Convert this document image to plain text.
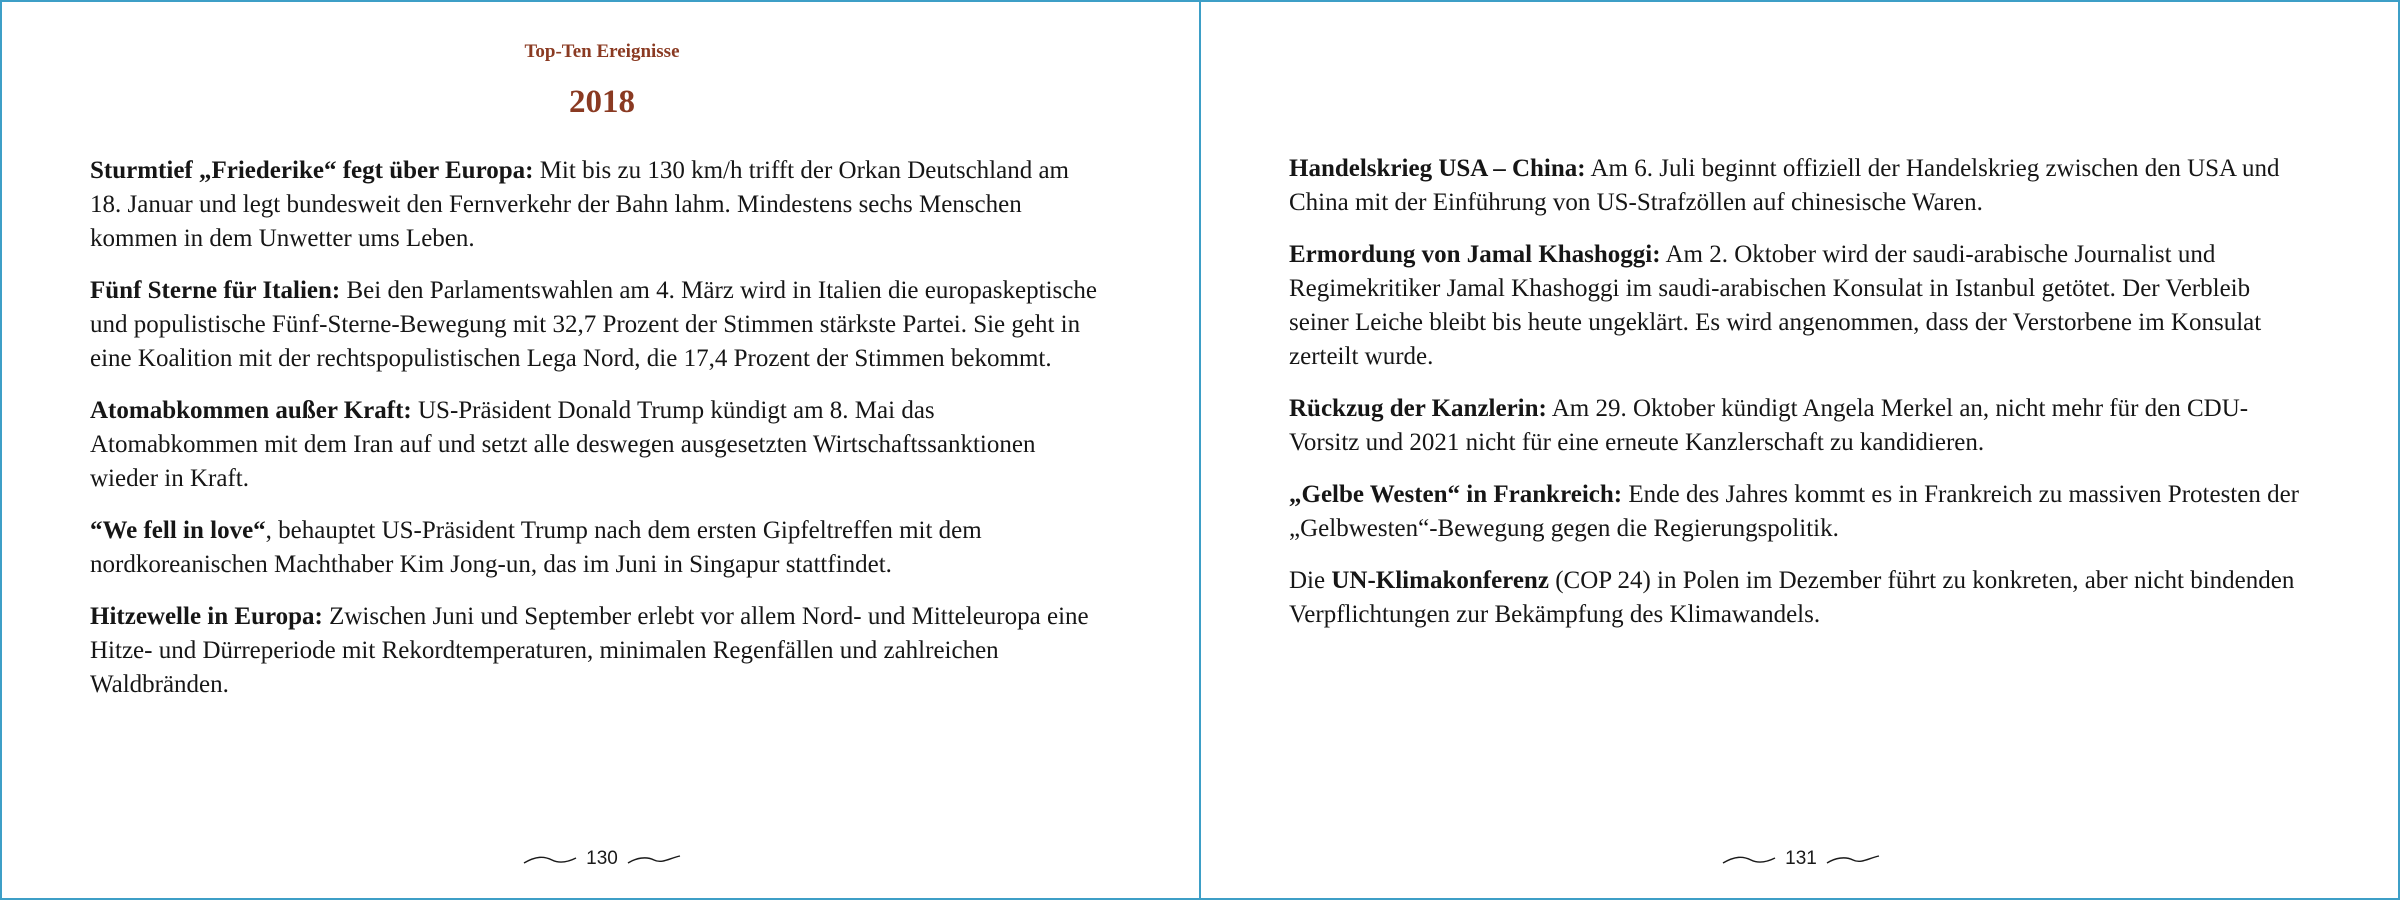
Top-Ten Ereignisse
2018

Sturmtief „Friederike“ fegt über Europa: Mit bis zu 130 km/h trifft der Orkan Deutschland am 18. Januar und legt bundesweit den Fernverkehr der Bahn lahm. Mindestens sechs Menschen kommen in dem Unwetter ums Leben.

Fünf Sterne für Italien: Bei den Parlamentswahlen am 4. März wird in Italien die europaskeptische und populistische Fünf-Sterne-Bewegung mit 32,7 Prozent der Stimmen stärkste Partei. Sie geht in eine Koalition mit der rechtspopulistischen Lega Nord, die 17,4 Prozent der Stimmen bekommt.

Atomabkommen außer Kraft: US-Präsident Donald Trump kündigt am 8. Mai das Atomabkommen mit dem Iran auf und setzt alle deswegen ausgesetzten Wirtschaftssanktionen wieder in Kraft.

“We fell in love“, behauptet US-Präsident Trump nach dem ersten Gipfeltreffen mit dem nordkoreanischen Machthaber Kim Jong-un, das im Juni in Singapur stattfindet.

Hitzewelle in Europa: Zwischen Juni und September erlebt vor allem Nord- und Mitteleuropa eine Hitze- und Dürreperiode mit Rekordtemperaturen, minimalen Regenfällen und zahlreichen Waldbränden.

130

Handelskrieg USA – China: Am 6. Juli beginnt offiziell der Handelskrieg zwischen den USA und China mit der Einführung von US-Strafzöllen auf chinesische Waren.

Ermordung von Jamal Khashoggi: Am 2. Oktober wird der saudi-arabische Journalist und Regimekritiker Jamal Khashoggi im saudi-arabischen Konsulat in Istanbul getötet. Der Verbleib seiner Leiche bleibt bis heute ungeklärt. Es wird angenommen, dass der Verstorbene im Konsulat zerteilt wurde.

Rückzug der Kanzlerin: Am 29. Oktober kündigt Angela Merkel an, nicht mehr für den CDU-Vorsitz und 2021 nicht für eine erneute Kanzlerschaft zu kandidieren.

„Gelbe Westen“ in Frankreich: Ende des Jahres kommt es in Frankreich zu massiven Protesten der „Gelbwesten“-Bewegung gegen die Regierungspolitik.

Die UN-Klimakonferenz (COP 24) in Polen im Dezember führt zu konkreten, aber nicht bindenden Verpflichtungen zur Bekämpfung des Klimawandels.

131
